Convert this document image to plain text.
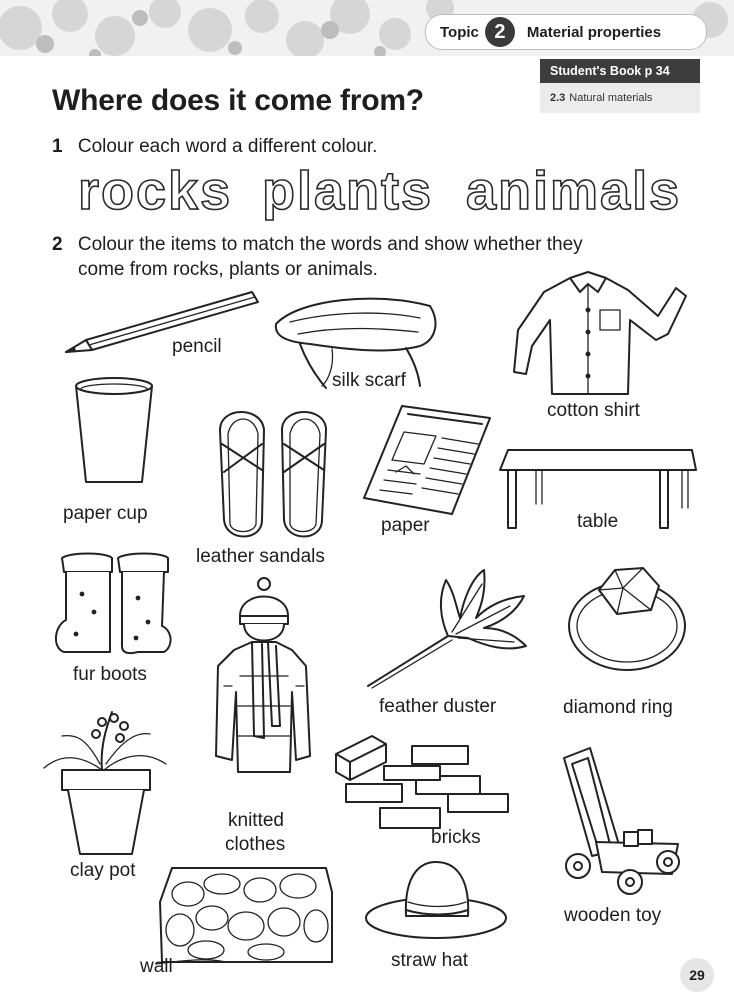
Topic 2	Material properties
Student's Book p
34
2.3 Natural materials
Where does it come from?
1 Colour each word a different colour.
rocks plants animals
2 Colour the items to match the words and show whether they
come from rocks, plants or animals.
pencil
silk scarf
cotton shirt
paper cup
leather sandals
paper	table
fur boots
knitted
clothes
feather duster	diamond ring
clay pot
bricks
wooden toy
wall	straw hat
29
